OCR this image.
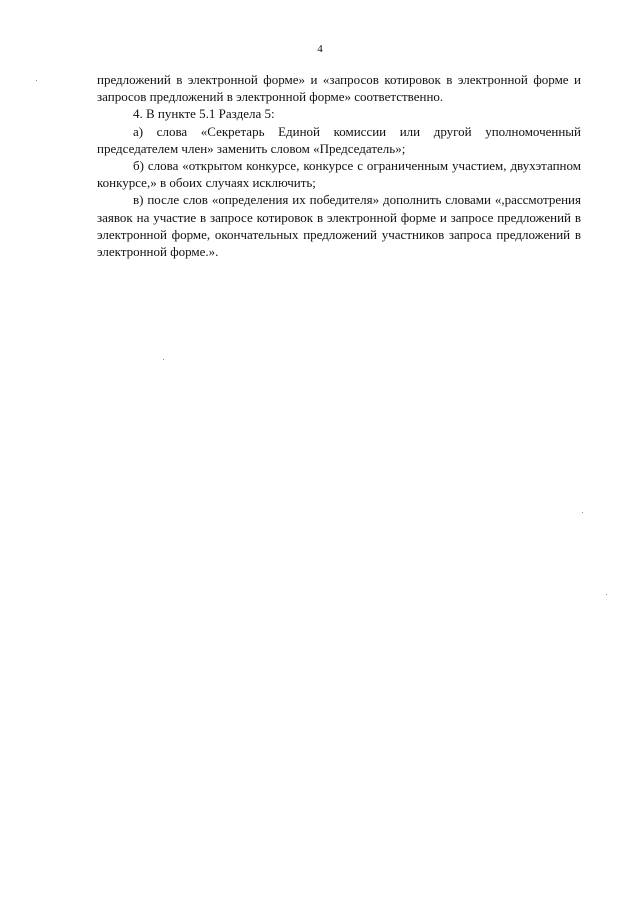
4

предложений в электронной форме» и «запросов котировок в электронной форме и запросов предложений в электронной форме» соответственно.

4. В пункте 5.1 Раздела 5:

а) слова «Секретарь Единой комиссии или другой уполномоченный председателем член» заменить словом «Председатель»;

б) слова «открытом конкурсе, конкурсе с ограниченным участием, двухэтапном конкурсе,» в обоих случаях исключить;

в) после слов «определения их победителя» дополнить словами «,рассмотрения заявок на участие в запросе котировок в электронной форме и запросе предложений в электронной форме, окончательных предложений участников запроса предложений в электронной форме.».
